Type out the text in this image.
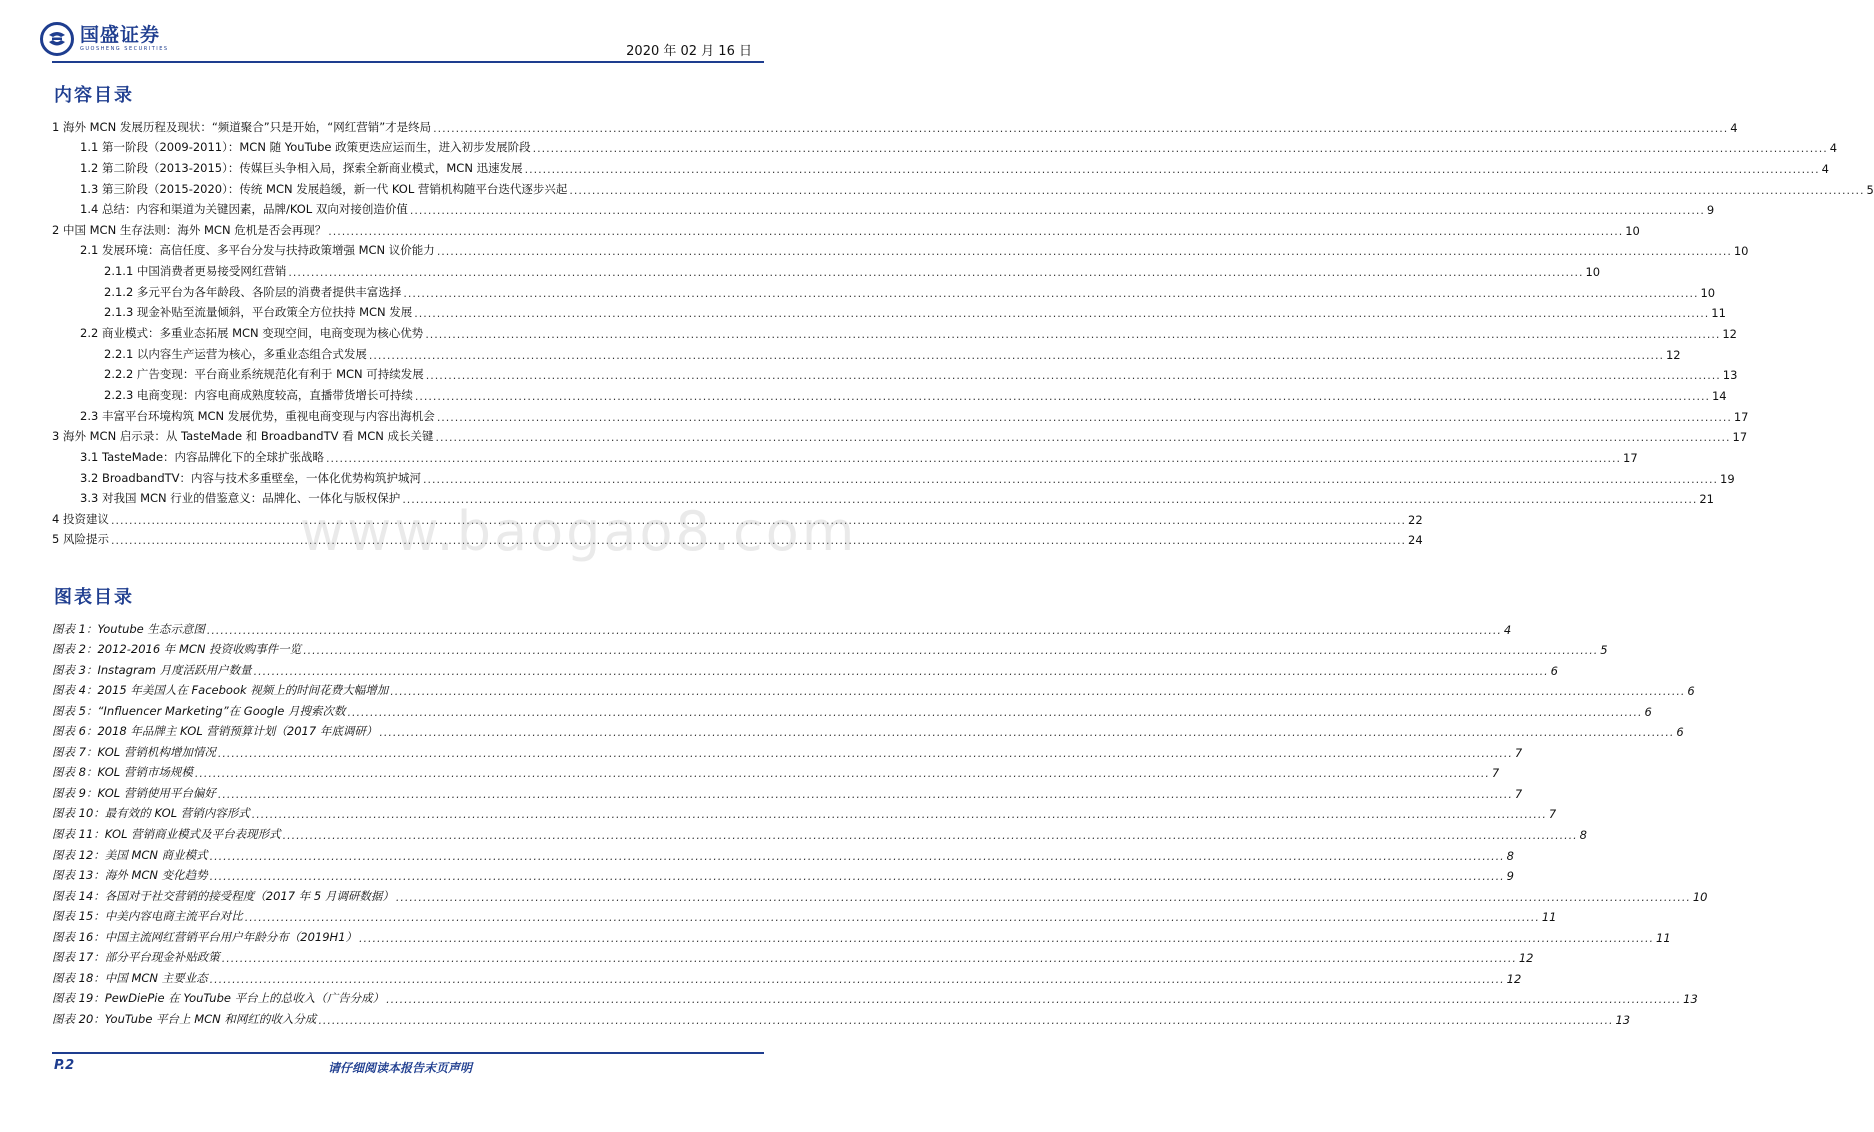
国盛证券
GUOSHENG SECURITIES	2020 年 02 月 16 日
内容目录
1 海外 MCN 发展历程及现状：“频道聚合”只是开始，“网红营销”才是终局 .....	4
1.1 第一阶段（2009-2011）：MCN 随 YouTube 政策更迭应运而生，进入初步发展阶段 .....	4
1.2 第二阶段（2013-2015）：传媒巨头争相入局，探索全新商业模式，MCN 迅速发展 .....	4
1.3 第三阶段（2015-2020）：传统 MCN 发展趋缓，新一代 KOL 营销机构随平台迭代逐步兴起 .....	5
1.4 总结：内容和渠道为关键因素，品牌/KOL 双向对接创造价值 .....	9
2 中国 MCN 生存法则：海外 MCN 危机是否会再现？ .....	10
2.1 发展环境：高信任度、多平台分发与扶持政策增强 MCN 议价能力 .....	10
2.1.1 中国消费者更易接受网红营销 .....	10
2.1.2 多元平台为各年龄段、各阶层的消费者提供丰富选择 .....	10
2.1.3 现金补贴至流量倾斜，平台政策全方位扶持 MCN 发展 .....	11
2.2 商业模式：多重业态拓展 MCN 变现空间，电商变现为核心优势 .....	12
2.2.1 以内容生产运营为核心，多重业态组合式发展 .....	12
2.2.2 广告变现：平台商业系统规范化有利于 MCN 可持续发展 .....	13
2.2.3 电商变现：内容电商成熟度较高，直播带货增长可持续 .....	14
2.3 丰富平台环境构筑 MCN 发展优势，重视电商变现与内容出海机会 .....	17
3 海外 MCN 启示录：从 TasteMade 和 BroadbandTV 看 MCN 成长关键 .....	17
3.1 TasteMade：内容品牌化下的全球扩张战略 .....	17
3.2 BroadbandTV：内容与技术多重壁垒，一体化优势构筑护城河 .....	19
3.3 对我国 MCN 行业的借鉴意义：品牌化、一体化与版权保护 .....	21
4 投资建议 .....	22
5 风险提示 .....	24
www.baogao8.com
图表目录
图表 1：Youtube 生态示意图 .....	4
图表 2：2012-2016 年 MCN 投资收购事件一览 .....	5
图表 3：Instagram 月度活跃用户数量 .....	6
图表 4：2015 年美国人在 Facebook 视频上的时间花费大幅增加 .....	6
图表 5：“Influencer Marketing”在 Google 月搜索次数 .....	6
图表 6：2018 年品牌主 KOL 营销预算计划（2017 年底调研） .....	6
图表 7：KOL 营销机构增加情况 .....	7
图表 8：KOL 营销市场规模 .....	7
图表 9：KOL 营销使用平台偏好 .....	7
图表 10：最有效的 KOL 营销内容形式 .....	7
图表 11：KOL 营销商业模式及平台表现形式 .....	8
图表 12：美国 MCN 商业模式 .....	8
图表 13：海外 MCN 变化趋势 .....	9
图表 14：各国对于社交营销的接受程度（2017 年 5 月调研数据） .....	10
图表 15：中美内容电商主流平台对比 .....	11
图表 16：中国主流网红营销平台用户年龄分布（2019H1） .....	11
图表 17：部分平台现金补贴政策 .....	12
图表 18：中国 MCN 主要业态 .....	12
图表 19：PewDiePie 在 YouTube 平台上的总收入（广告分成） .....	13
图表 20：YouTube 平台上 MCN 和网红的收入分成 .....	13
P.2	请仔细阅读本报告末页声明
